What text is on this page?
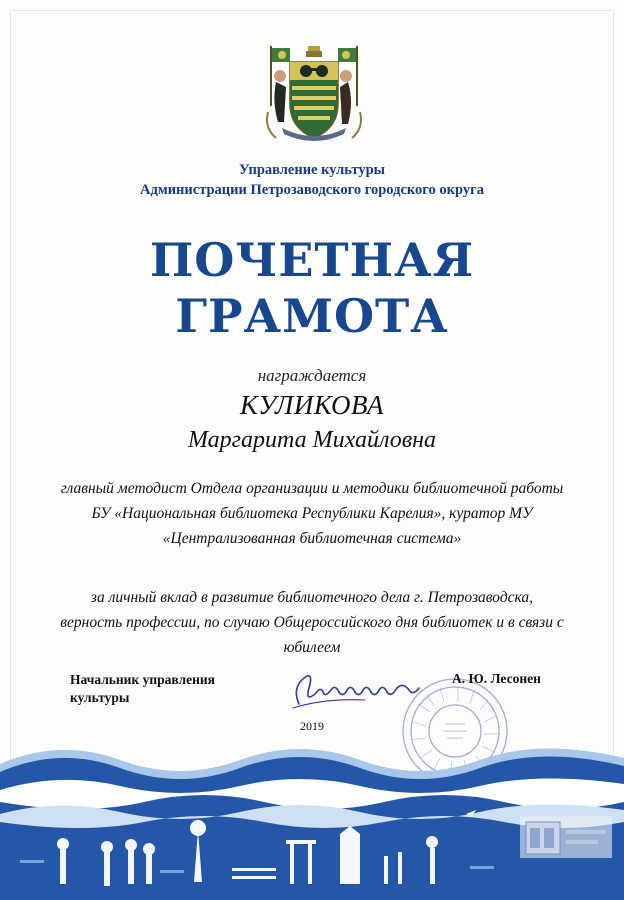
Управление культуры
Администрации Петрозаводского городского округа
ПОЧЕТНАЯ
ГРАМОТА
награждается
КУЛИКОВА
Маргарита Михайловна
главный методист Отдела организации и методики библиотечной работы БУ «Национальная библиотека Республики Карелия», куратор МУ «Централизованная библиотечная система»
за личный вклад в развитие библиотечного дела г. Петрозаводска, верность профессии, по случаю Общероссийского дня библиотек и в связи с юбилеем
Начальник управления
культуры
А. Ю. Лесонен
2019
